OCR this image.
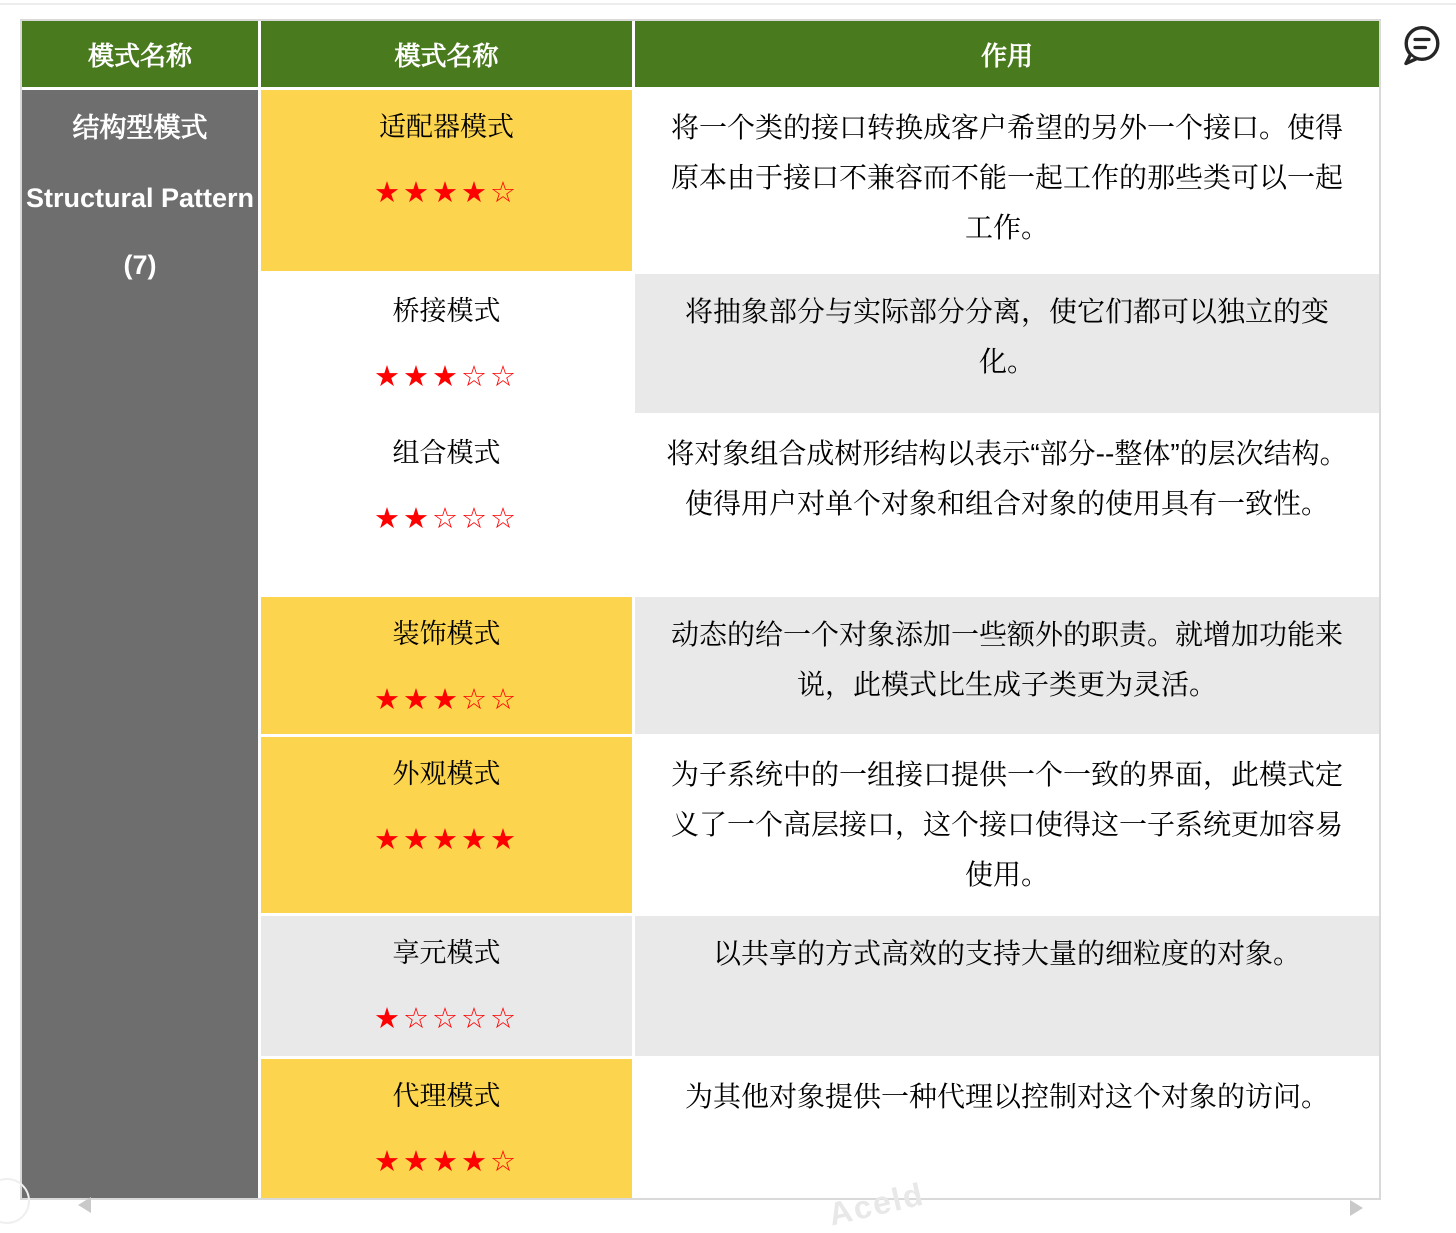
模式名称	模式名称	作用
结构型模式
Structural Pattern
(7)
适配器模式
★★★★☆
将一个类的接口转换成客户希望的另外一个接口。使得原本由于接口不兼容而不能一起工作的那些类可以一起工作。
桥接模式
★★★☆☆
将抽象部分与实际部分分离，使它们都可以独立的变化。
组合模式
★★☆☆☆
将对象组合成树形结构以表示“部分--整体”的层次结构。使得用户对单个对象和组合对象的使用具有一致性。
装饰模式
★★★☆☆
动态的给一个对象添加一些额外的职责。就增加功能来说，此模式比生成子类更为灵活。
外观模式
★★★★★
为子系统中的一组接口提供一个一致的界面，此模式定义了一个高层接口，这个接口使得这一子系统更加容易使用。
享元模式
★☆☆☆☆
以共享的方式高效的支持大量的细粒度的对象。
代理模式
★★★★☆
为其他对象提供一种代理以控制对这个对象的访问。
Aceld
